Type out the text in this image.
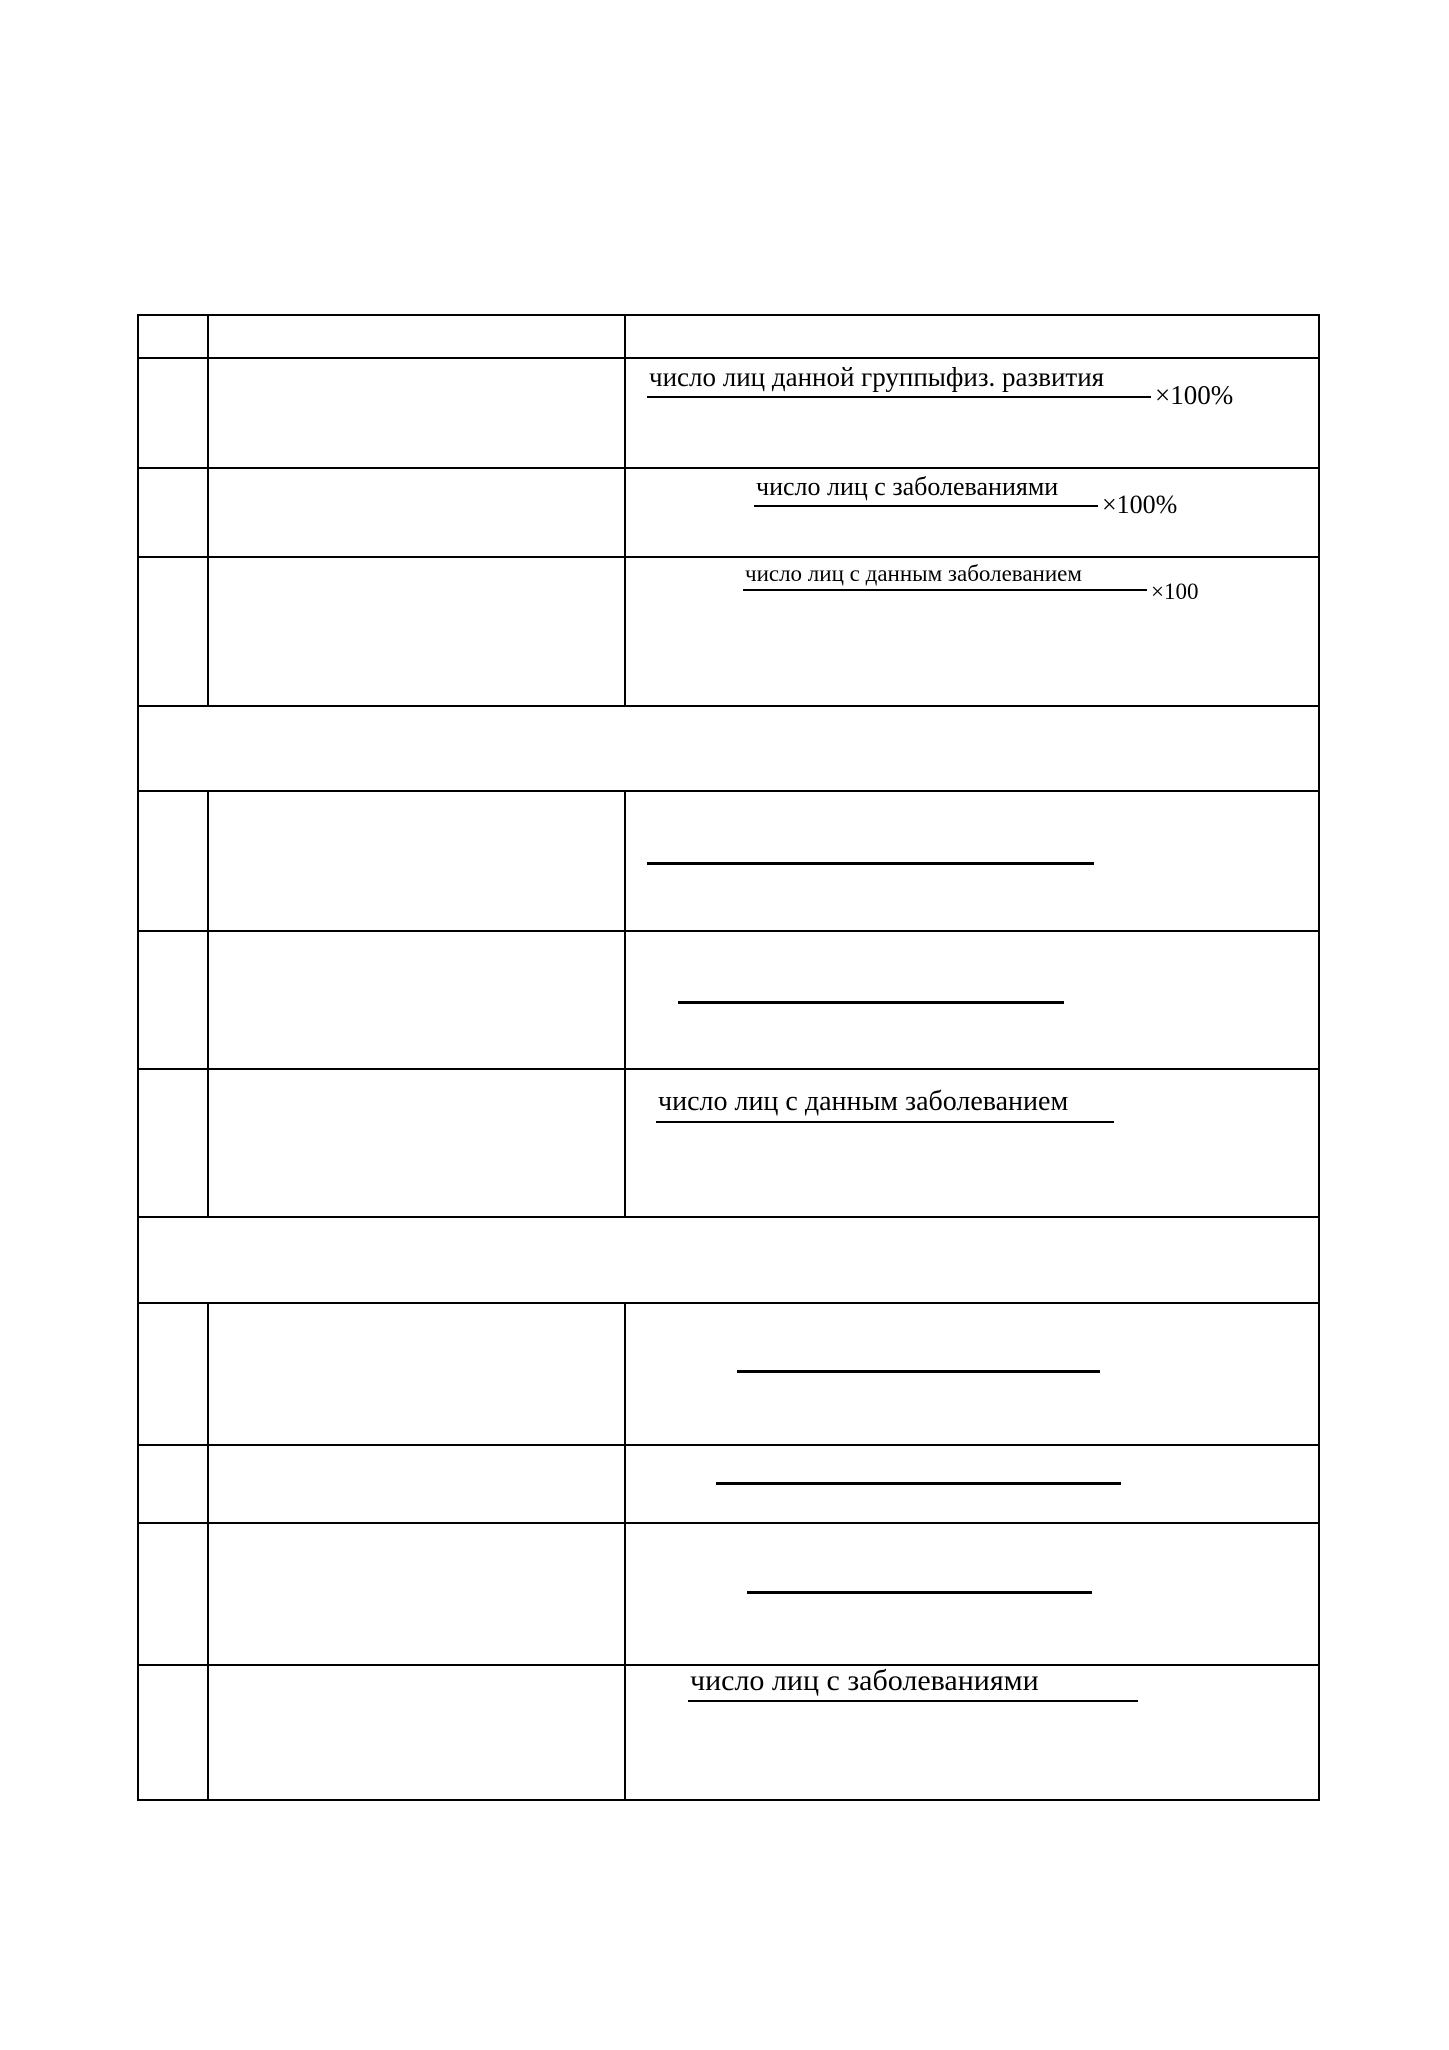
число лиц данной группыфиз. развития×100%
число лиц с заболеваниями×100%
число лиц с данным заболеванием×100
число лиц с данным заболеванием
число лиц с заболеваниями
